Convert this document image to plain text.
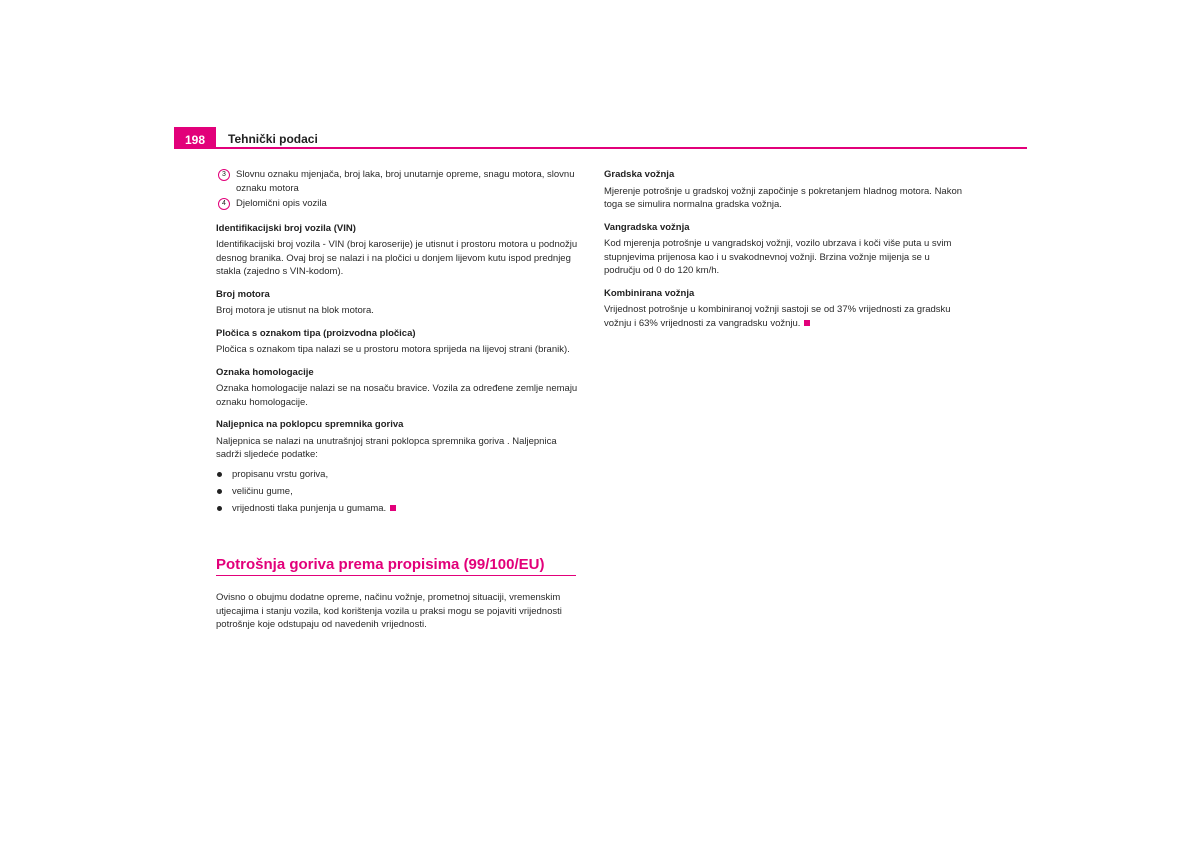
198	Tehnički podaci
3	Slovnu oznaku mjenjača, broj laka, broj unutarnje opreme, snagu motora, slovnu oznaku motora
4	Djelomični opis vozila
Identifikacijski broj vozila (VIN)

Identifikacijski broj vozila - VIN (broj karoserije) je utisnut i prostoru motora u podnožju desnog branika. Ovaj broj se nalazi i na pločici u donjem lijevom kutu ispod prednjeg stakla (zajedno s VIN-kodom).

Broj motora

Broj motora je utisnut na blok motora.

Pločica s oznakom tipa (proizvodna pločica)

Pločica s oznakom tipa nalazi se u prostoru motora sprijeda na lijevoj strani (branik).

Oznaka homologacije

Oznaka homologacije nalazi se na nosaču bravice. Vozila za određene zemlje nemaju oznaku homologacije.

Naljepnica na poklopcu spremnika goriva

Naljepnica se nalazi na unutrašnjoj strani poklopca spremnika goriva . Naljepnica sadrži sljedeće podatke:

propisanu vrstu goriva,
veličinu gume,
vrijednosti tlaka punjenja u gumama.
Potrošnja goriva prema propisima (99/100/EU)
Ovisno o obujmu dodatne opreme, načinu vožnje, prometnoj situaciji, vremenskim utjecajima i stanju vozila, kod korištenja vozila u praksi mogu se pojaviti vrijednosti potrošnje koje odstupaju od navedenih vrijednosti.
Gradska vožnja

Mjerenje potrošnje u gradskoj vožnji započinje s pokretanjem hladnog motora. Nakon toga se simulira normalna gradska vožnja.

Vangradska vožnja

Kod mjerenja potrošnje u vangradskoj vožnji, vozilo ubrzava i koči više puta u svim stupnjevima prijenosa kao i u svakodnevnoj vožnji. Brzina vožnje mijenja se u području od 0 do 120 km/h.

Kombinirana vožnja

Vrijednost potrošnje u kombiniranoj vožnji sastoji se od 37% vrijednosti za gradsku vožnju i 63% vrijednosti za vangradsku vožnju.
